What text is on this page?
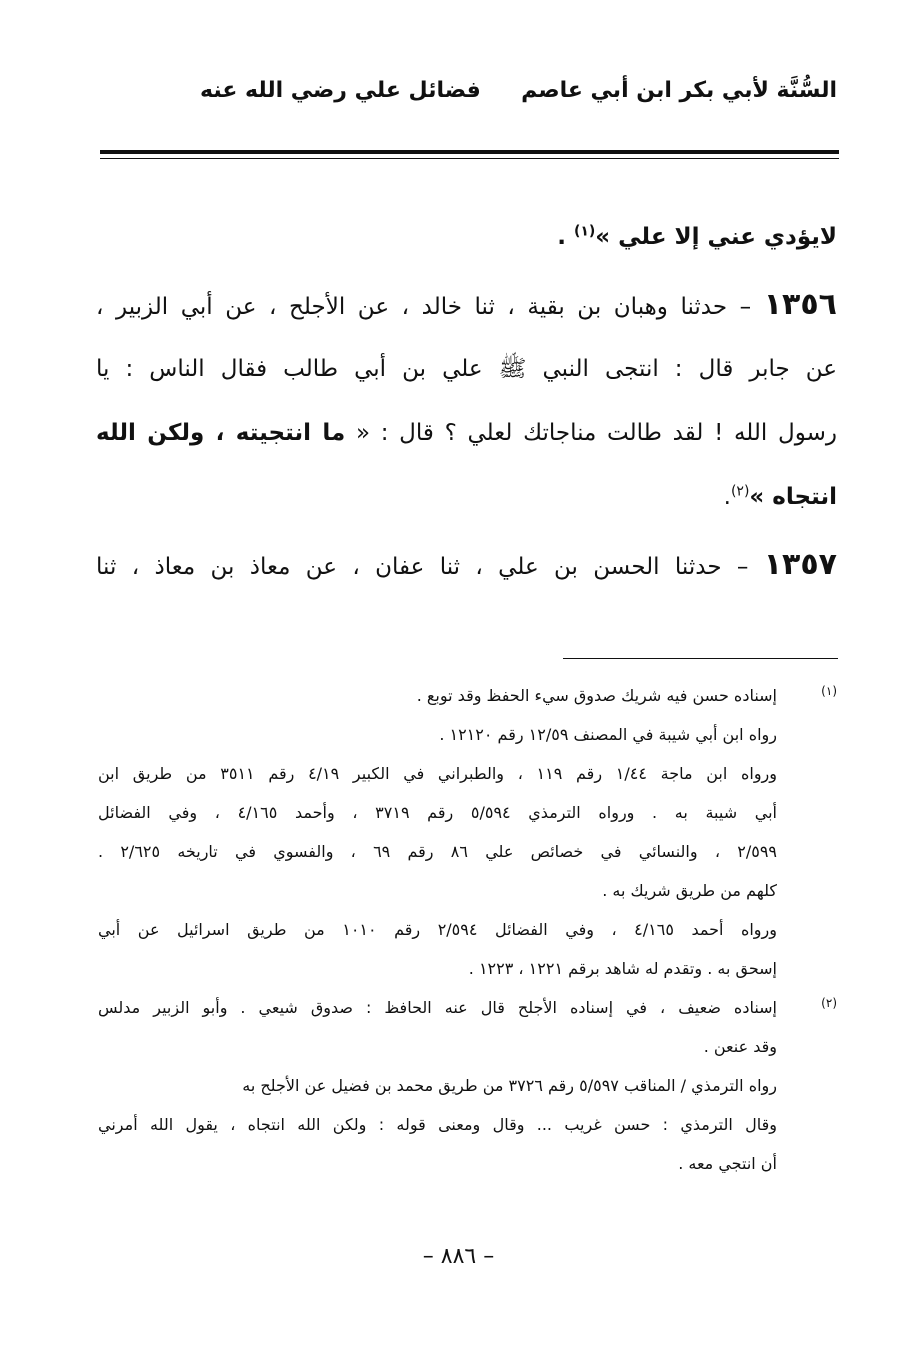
السُّنَّة لأبي بكر ابن أبي عاصم
فضائل علي رضي الله عنه
لايؤدي عني إلا علي »$^{(١)}$ .
١٣٥٦ – حدثنا وهبان بن بقية ، ثنا خالد ، عن الأجلح ، عن أبي الزبير ،
عن جابر قال : انتجى النبي ﷺ علي بن أبي طالب فقال الناس : يا
رسول الله ! لقد طالت مناجاتك لعلي ؟ قال : « ما انتجيته ، ولكن الله
انتجاه »$^{(٢)}$.
١٣٥٧ – حدثنا الحسن بن علي ، ثنا عفان ، عن معاذ بن معاذ ، ثنا
(١)
إسناده حسن فيه شريك صدوق سيء الحفظ وقد توبع .
رواه ابن أبي شيبة في المصنف ١٢/٥٩ رقم ١٢١٢٠ .
ورواه ابن ماجة ١/٤٤ رقم ١١٩ ، والطبراني في الكبير ٤/١٩ رقم ٣٥١١ من طريق ابن
أبي شيبة به . ورواه الترمذي ٥/٥٩٤ رقم ٣٧١٩ ، وأحمد ٤/١٦٥ ، وفي الفضائل
٢/٥٩٩ ، والنسائي في خصائص علي ٨٦ رقم ٦٩ ، والفسوي في تاريخه ٢/٦٢٥ .
كلهم من طريق شريك به .
ورواه أحمد ٤/١٦٥ ، وفي الفضائل ٢/٥٩٤ رقم ١٠١٠ من طريق اسرائيل عن أبي
إسحق به . وتقدم له شاهد برقم ١٢٢١ ، ١٢٢٣ .
(٢)
إسناده ضعيف ، في إسناده الأجلح قال عنه الحافظ : صدوق شيعي . وأبو الزبير مدلس
وقد عنعن .
رواه الترمذي / المناقب ٥/٥٩٧ رقم ٣٧٢٦ من طريق محمد بن فضيل عن الأجلح به
وقال الترمذي : حسن غريب ... وقال ومعنى قوله : ولكن الله انتجاه ، يقول الله أمرني
أن انتجي معه .
– ٨٨٦ –
